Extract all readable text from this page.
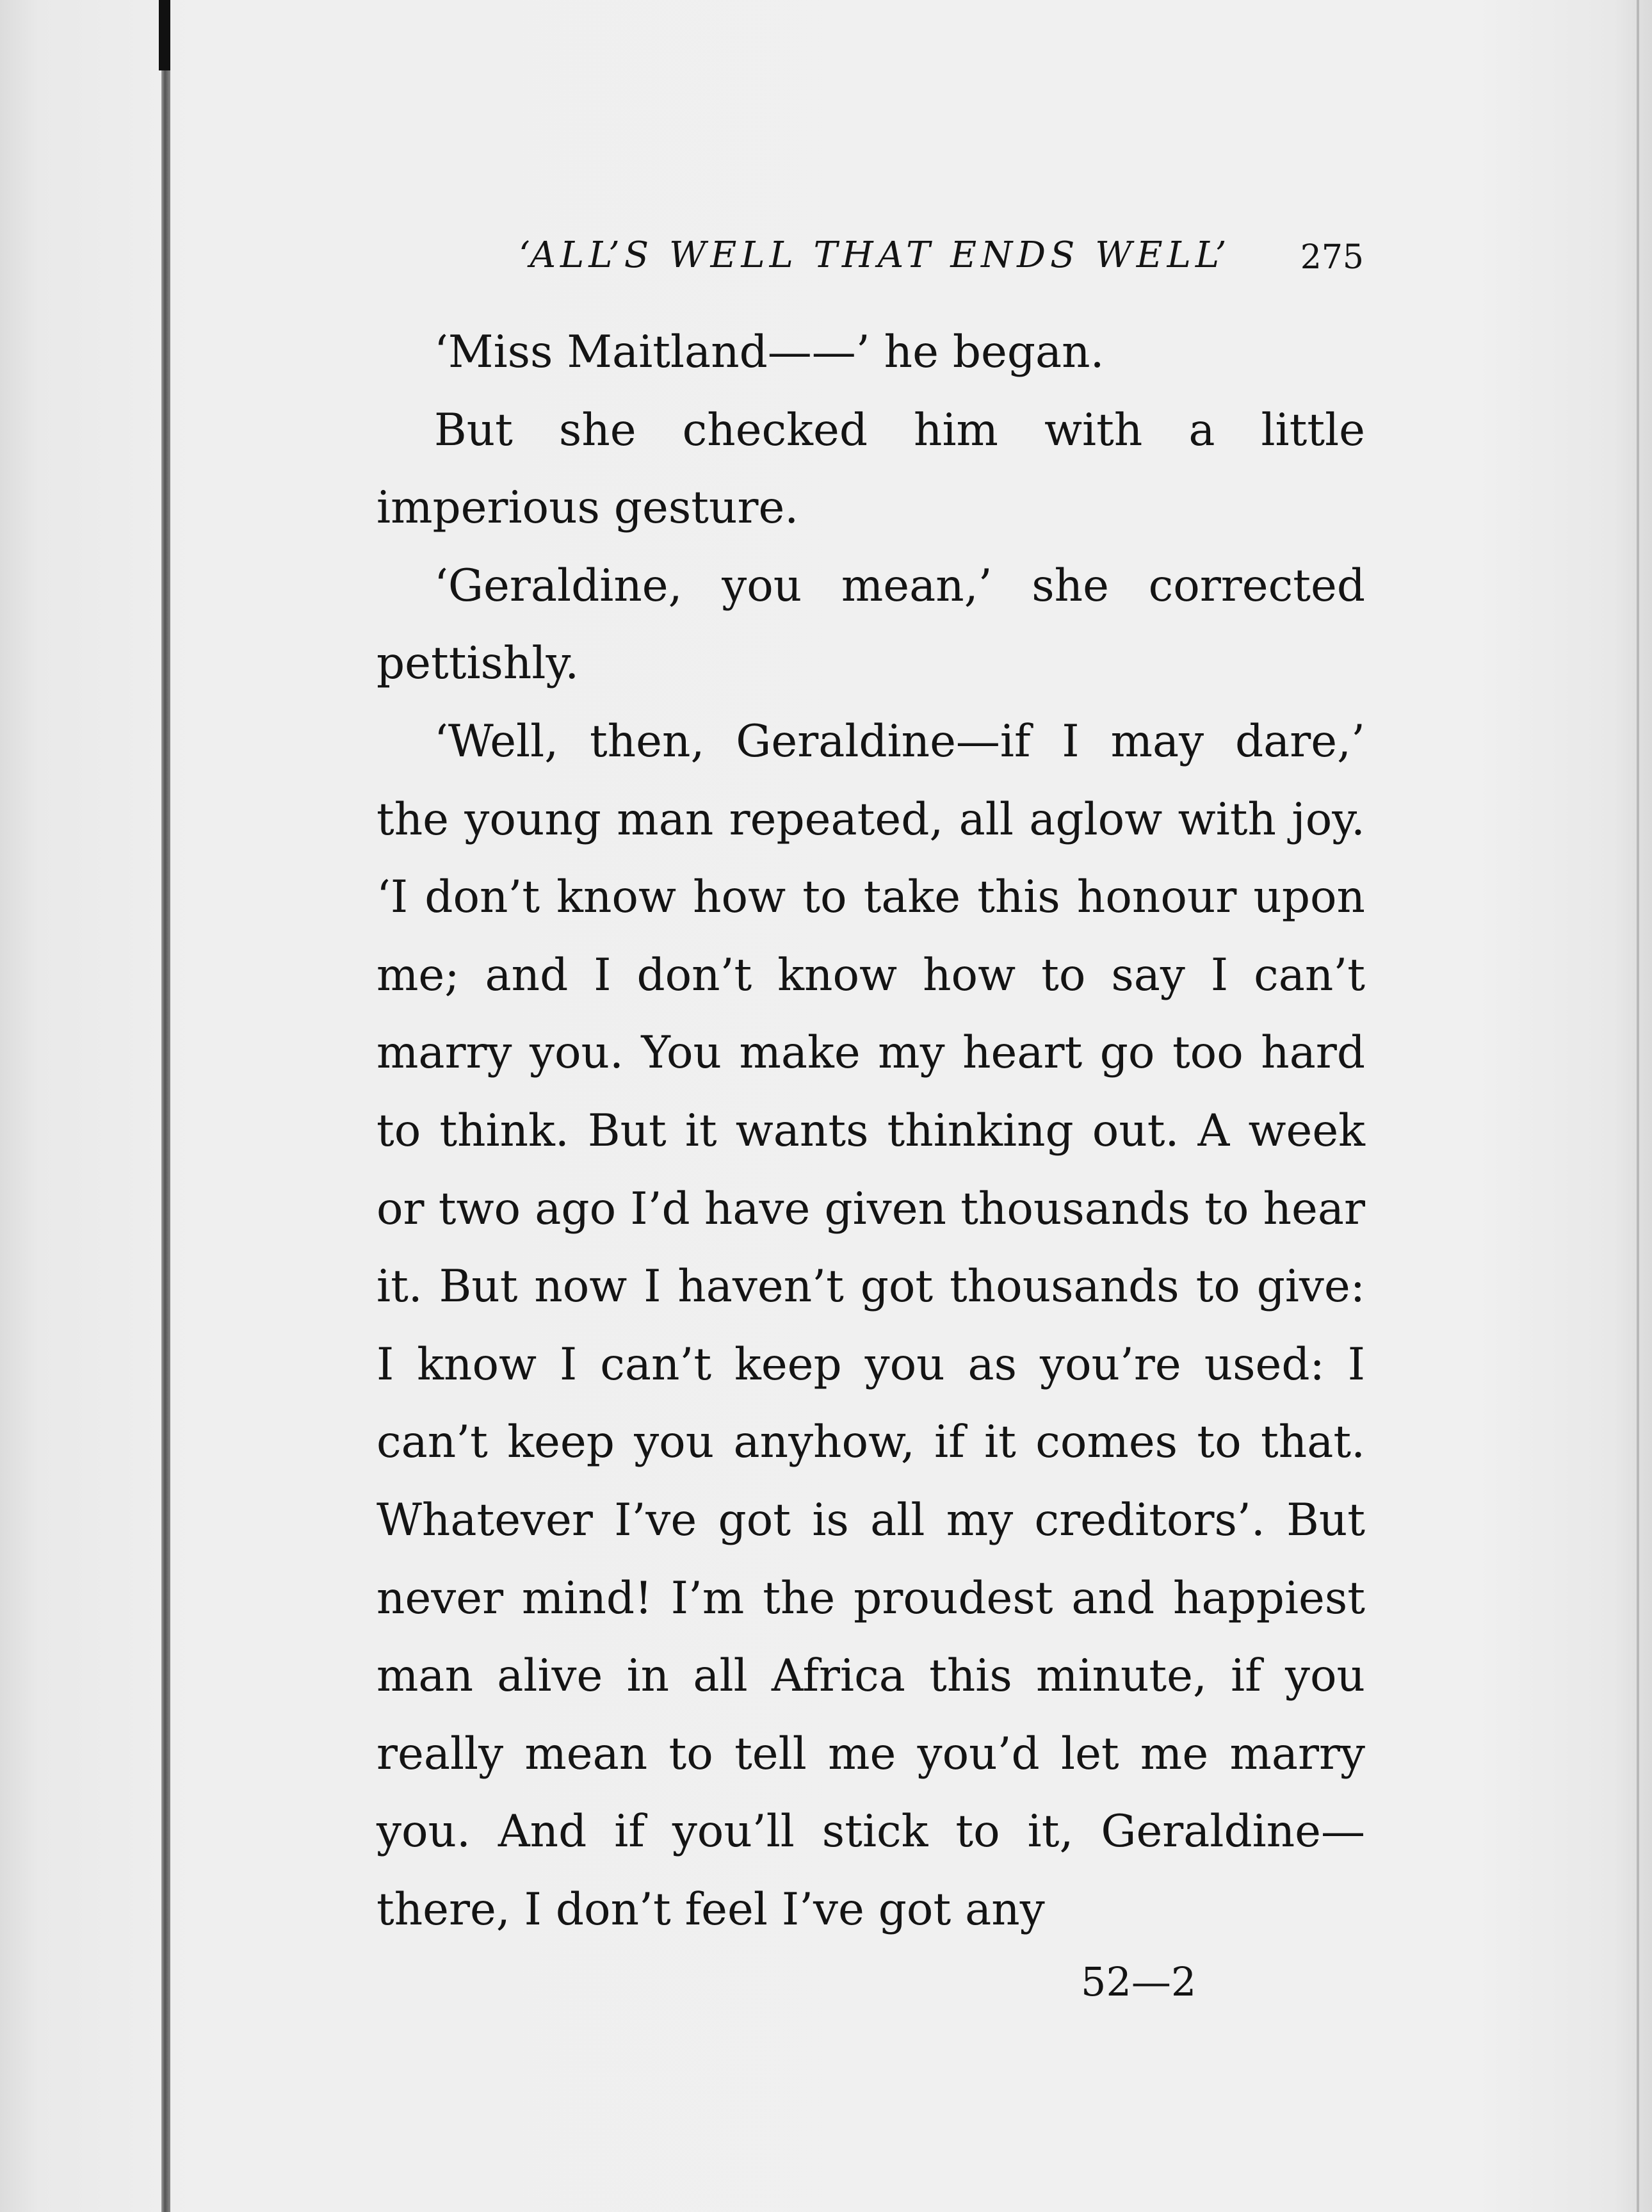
‘ALL’S WELL THAT ENDS WELL’ 275

‘Miss Maitland——’ he began.

But she checked him with a little imperious gesture.

‘Geraldine, you mean,’ she corrected pettishly.

‘Well, then, Geraldine—if I may dare,’ the young man repeated, all aglow with joy. ‘I don’t know how to take this honour upon me; and I don’t know how to say I can’t marry you. You make my heart go too hard to think. But it wants thinking out. A week or two ago I’d have given thousands to hear it. But now I haven’t got thousands to give: I know I can’t keep you as you’re used: I can’t keep you anyhow, if it comes to that. Whatever I’ve got is all my creditors’. But never mind! I’m the proudest and happiest man alive in all Africa this minute, if you really mean to tell me you’d let me marry you. And if you’ll stick to it, Geraldine—there, I don’t feel I’ve got any

52—2
